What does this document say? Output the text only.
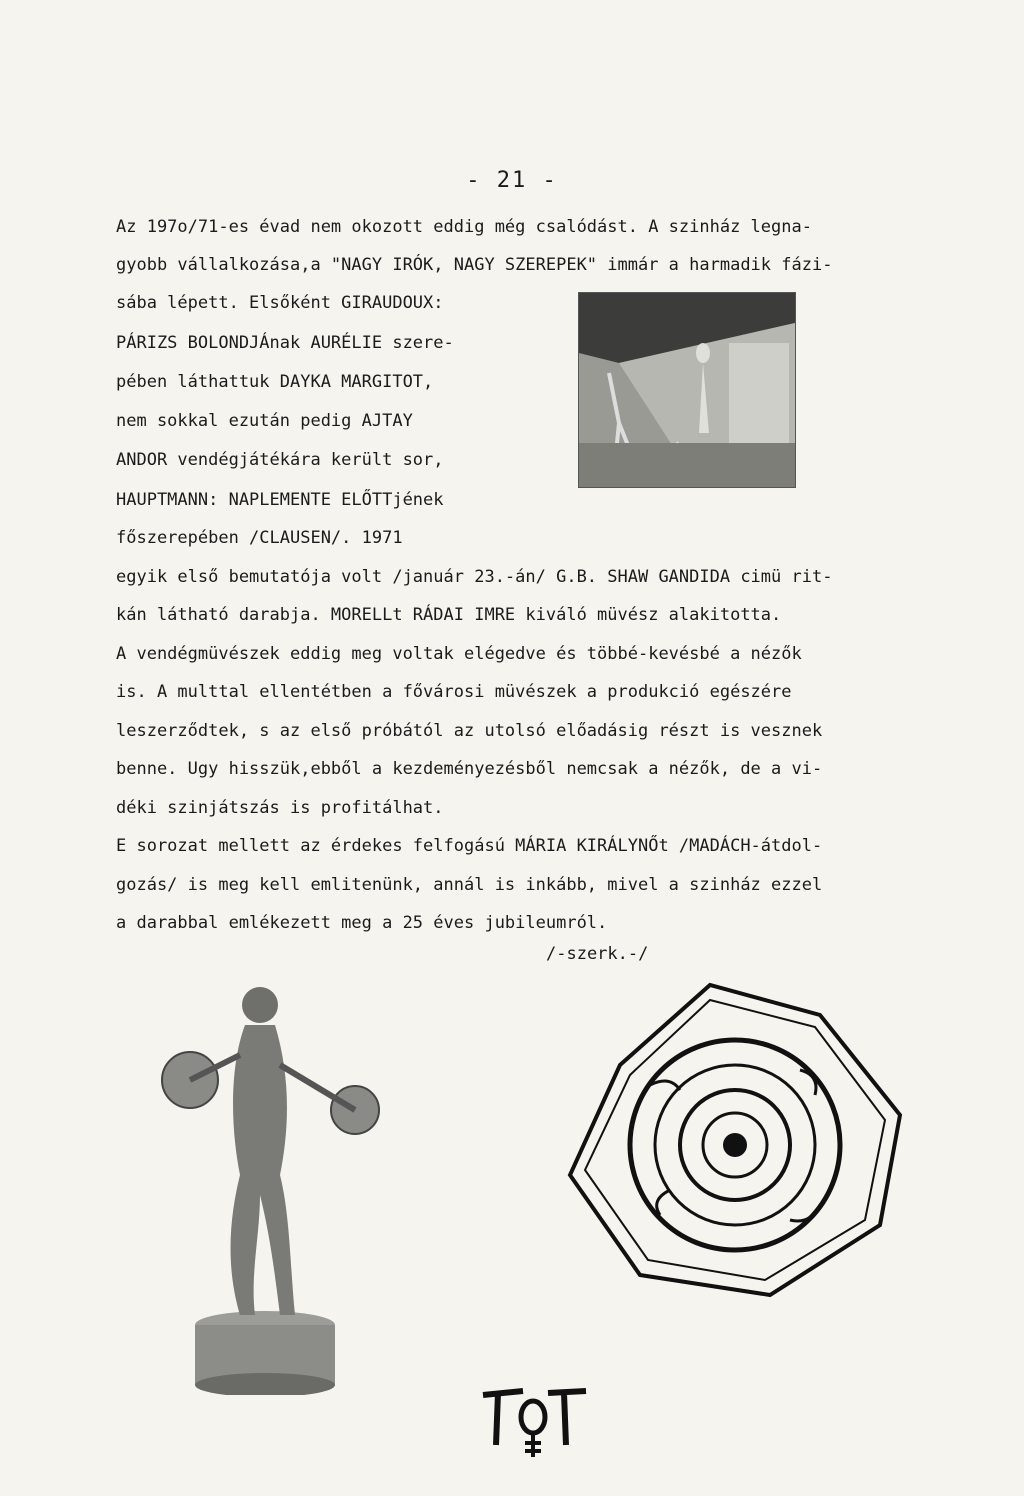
- 21 -
Az 197o/71-es évad nem okozott eddig még csalódást. A szinház legna-
gyobb vállalkozása,a "NAGY IRÓK, NAGY SZEREPEK" immár a harmadik fázi-
sába lépett. Elsőként GIRAUDOUX:
PÁRIZS BOLONDJÁnak AURÉLIE szere-
pében láthattuk DAYKA MARGITOT,
nem sokkal ezután pedig AJTAY
ANDOR vendégjátékára került sor,
HAUPTMANN: NAPLEMENTE ELŐTTjének
főszerepében /CLAUSEN/. 1971
egyik első bemutatója volt /január 23.-án/ G.B. SHAW GANDIDA cimü rit-
kán látható darabja. MORELLt RÁDAI IMRE kiváló müvész alakitotta.
A vendégmüvészek eddig meg voltak elégedve és többé-kevésbé a nézők
is. A multtal ellentétben a fővárosi müvészek a produkció egészére
leszerződtek, s az első próbától az utolsó előadásig részt is vesznek
benne. Ugy hisszük,ebből a kezdeményezésből nemcsak a nézők, de a vi-
déki szinjátszás is profitálhat.
E sorozat mellett az érdekes felfogású MÁRIA KIRÁLYNŐt /MADÁCH-átdol-
gozás/ is meg kell emlitenünk, annál is inkább, mivel a szinház ezzel
a darabbal emlékezett meg a 25 éves jubileumról.
/-szerk.-/
